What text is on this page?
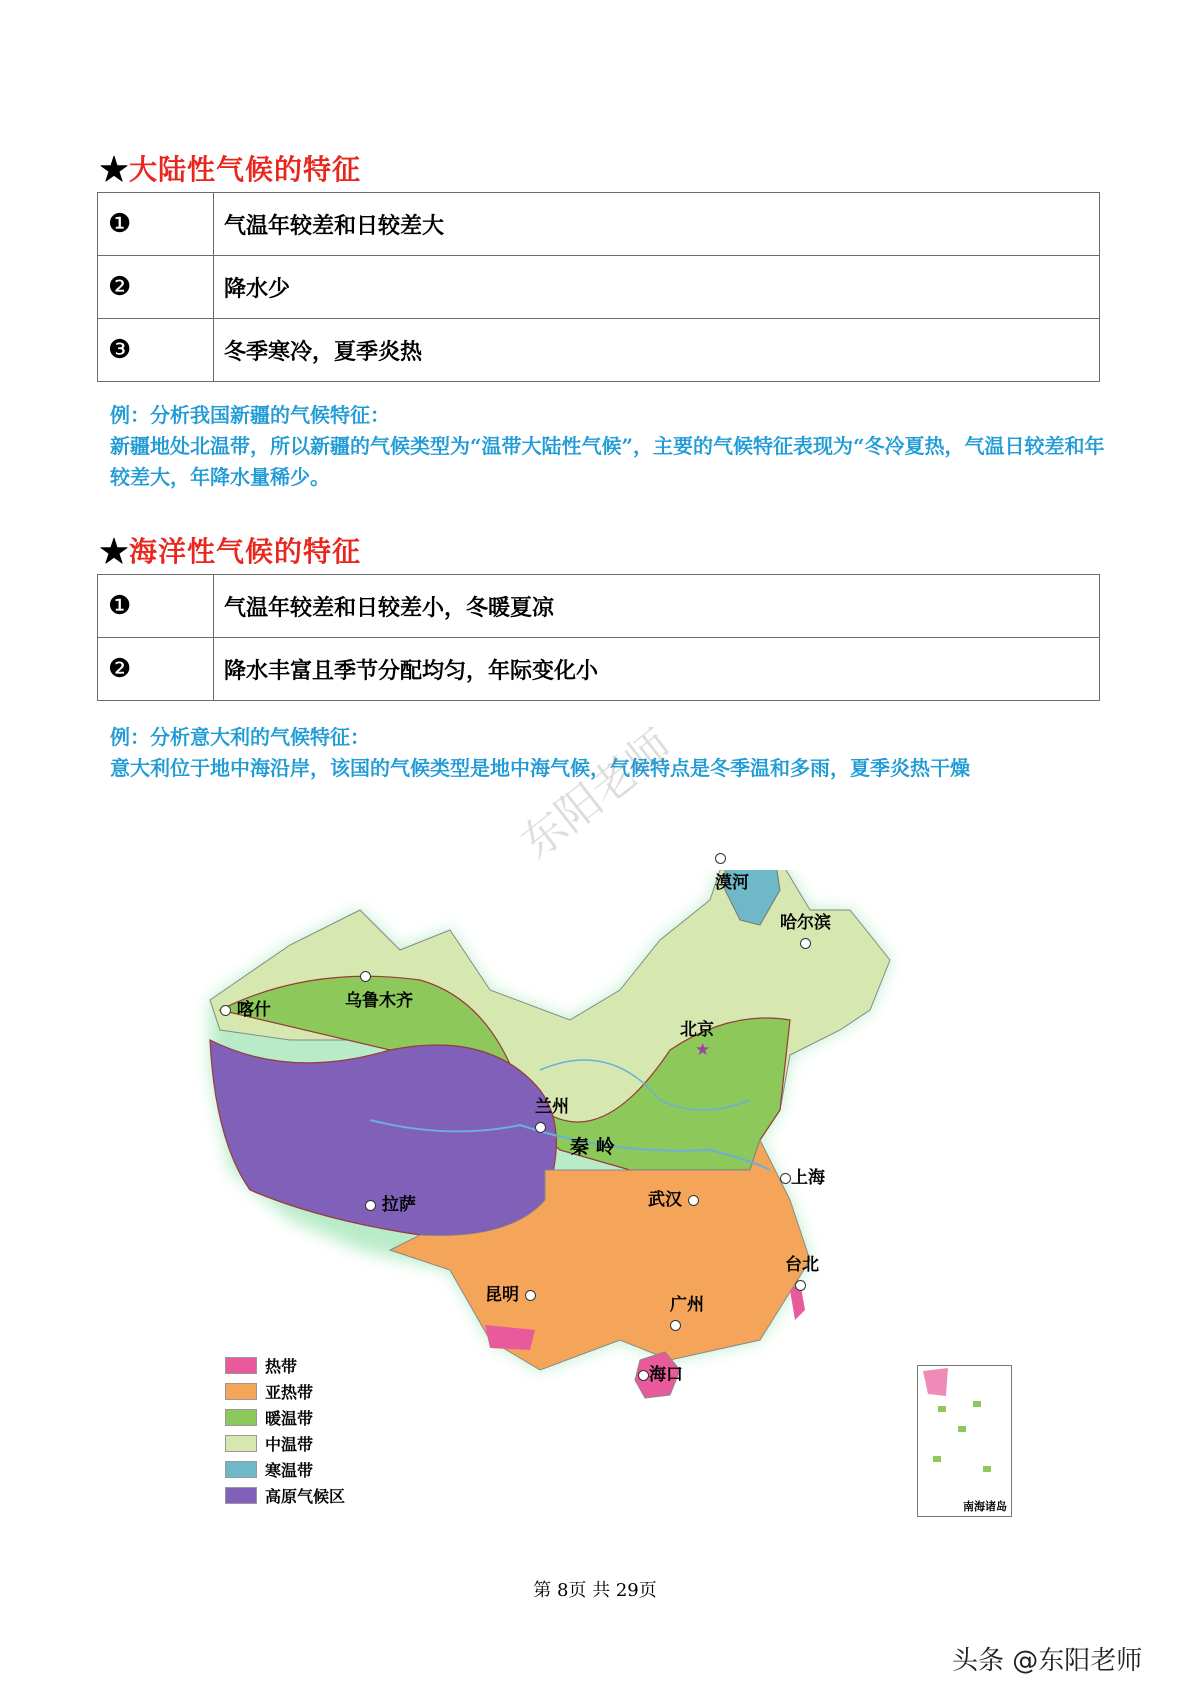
★大陆性气候的特征
❶	气温年较差和日较差大
❷	降水少
❸	冬季寒冷，夏季炎热

例：分析我国新疆的气候特征：

新疆地处北温带，所以新疆的气候类型为“温带大陆性气候”，主要的气候特征表现为“冬冷夏热，气温日较差和年较差大，年降水量稀少。

★海洋性气候的特征
❶	气温年较差和日较差小，冬暖夏凉
❷	降水丰富且季节分配均匀，年际变化小

例：分析意大利的气候特征：

意大利位于地中海沿岸，该国的气候类型是地中海气候，气候特点是冬季温和多雨，夏季炎热干燥

东阳老师

漠河
哈尔滨

乌鲁木齐
喀什
北京
★
兰州

秦 岭
上海
拉萨	武汉
台北

昆明	广州

海口
南海诸岛
热带
亚热带
暖温带
中温带
寒温带
高原气候区
第 8页 共 29页
头条 @东阳老师
